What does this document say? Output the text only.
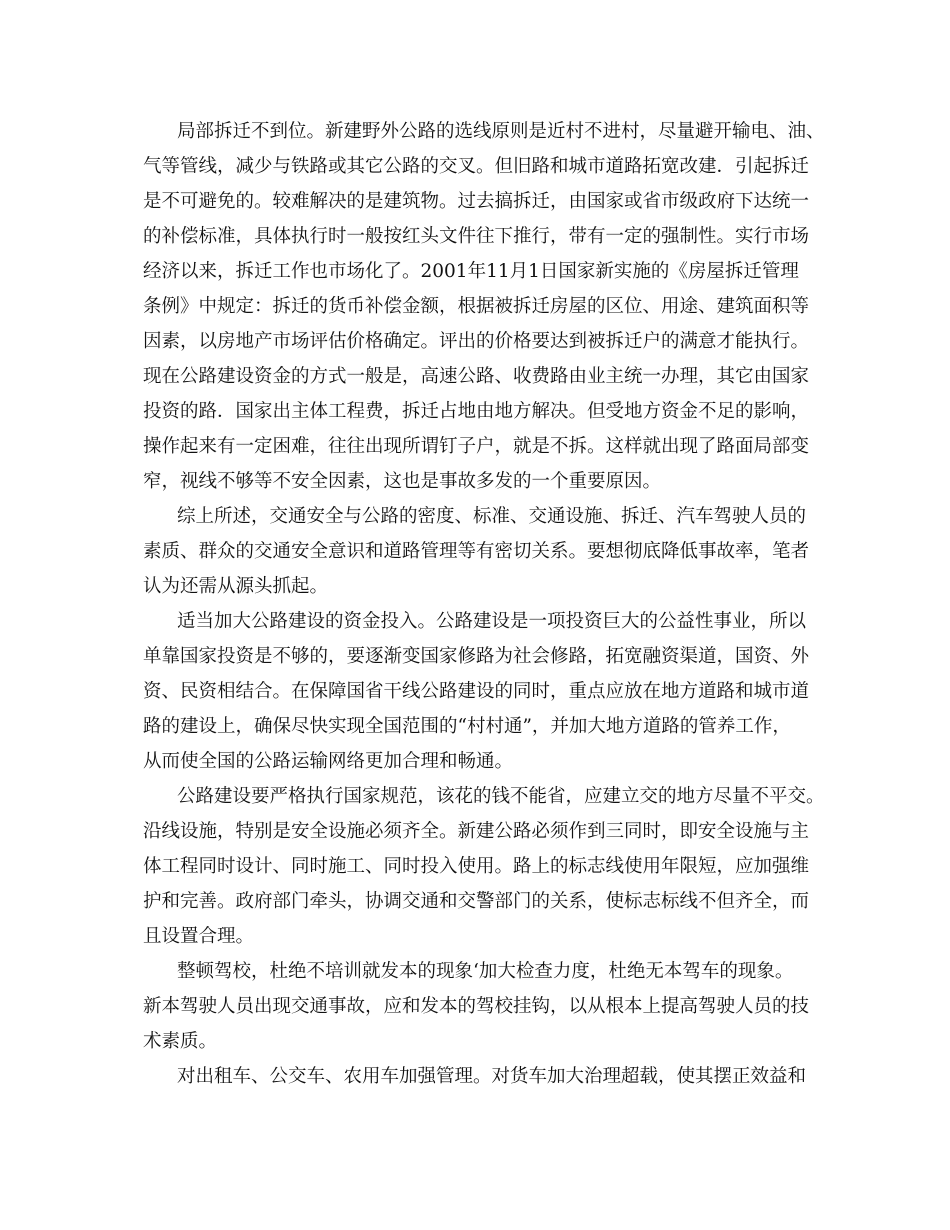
局部拆迁不到位。新建野外公路的选线原则是近村不进村，尽量避开输电、油、
气等管线，减少与铁路或其它公路的交叉。但旧路和城市道路拓宽改建．引起拆迁
是不可避免的。较难解决的是建筑物。过去搞拆迁，由国家或省市级政府下达统一
的补偿标准，具体执行时一般按红头文件往下推行，带有一定的强制性。实行市场
经济以来，拆迁工作也市场化了。2001年11月1日国家新实施的《房屋拆迁管理
条例》中规定：拆迁的货币补偿金额，根据被拆迁房屋的区位、用途、建筑面积等
因素，以房地产市场评估价格确定。评出的价格要达到被拆迁户的满意才能执行。
现在公路建设资金的方式一般是，高速公路、收费路由业主统一办理，其它由国家
投资的路．国家出主体工程费，拆迁占地由地方解决。但受地方资金不足的影响，
操作起来有一定困难，往往出现所谓钉子户，就是不拆。这样就出现了路面局部变
窄，视线不够等不安全因素，这也是事故多发的一个重要原因。
综上所述，交通安全与公路的密度、标准、交通设施、拆迁、汽车驾驶人员的
素质、群众的交通安全意识和道路管理等有密切关系。要想彻底降低事故率，笔者
认为还需从源头抓起。
适当加大公路建设的资金投入。公路建设是一项投资巨大的公益性事业，所以
单靠国家投资是不够的，要逐渐变国家修路为社会修路，拓宽融资渠道，国资、外
资、民资相结合。在保障国省干线公路建设的同时，重点应放在地方道路和城市道
路的建设上，确保尽快实现全国范围的“村村通”，并加大地方道路的管养工作，
从而使全国的公路运输网络更加合理和畅通。
公路建设要严格执行国家规范，该花的钱不能省，应建立交的地方尽量不平交。
沿线设施，特别是安全设施必须齐全。新建公路必须作到三同时，即安全设施与主
体工程同时设计、同时施工、同时投入使用。路上的标志线使用年限短，应加强维
护和完善。政府部门牵头，协调交通和交警部门的关系，使标志标线不但齐全，而
且设置合理。
整顿驾校，杜绝不培训就发本的现象‘加大检查力度，杜绝无本驾车的现象。
新本驾驶人员出现交通事故，应和发本的驾校挂钩，以从根本上提高驾驶人员的技
术素质。
对出租车、公交车、农用车加强管理。对货车加大治理超载，使其摆正效益和
